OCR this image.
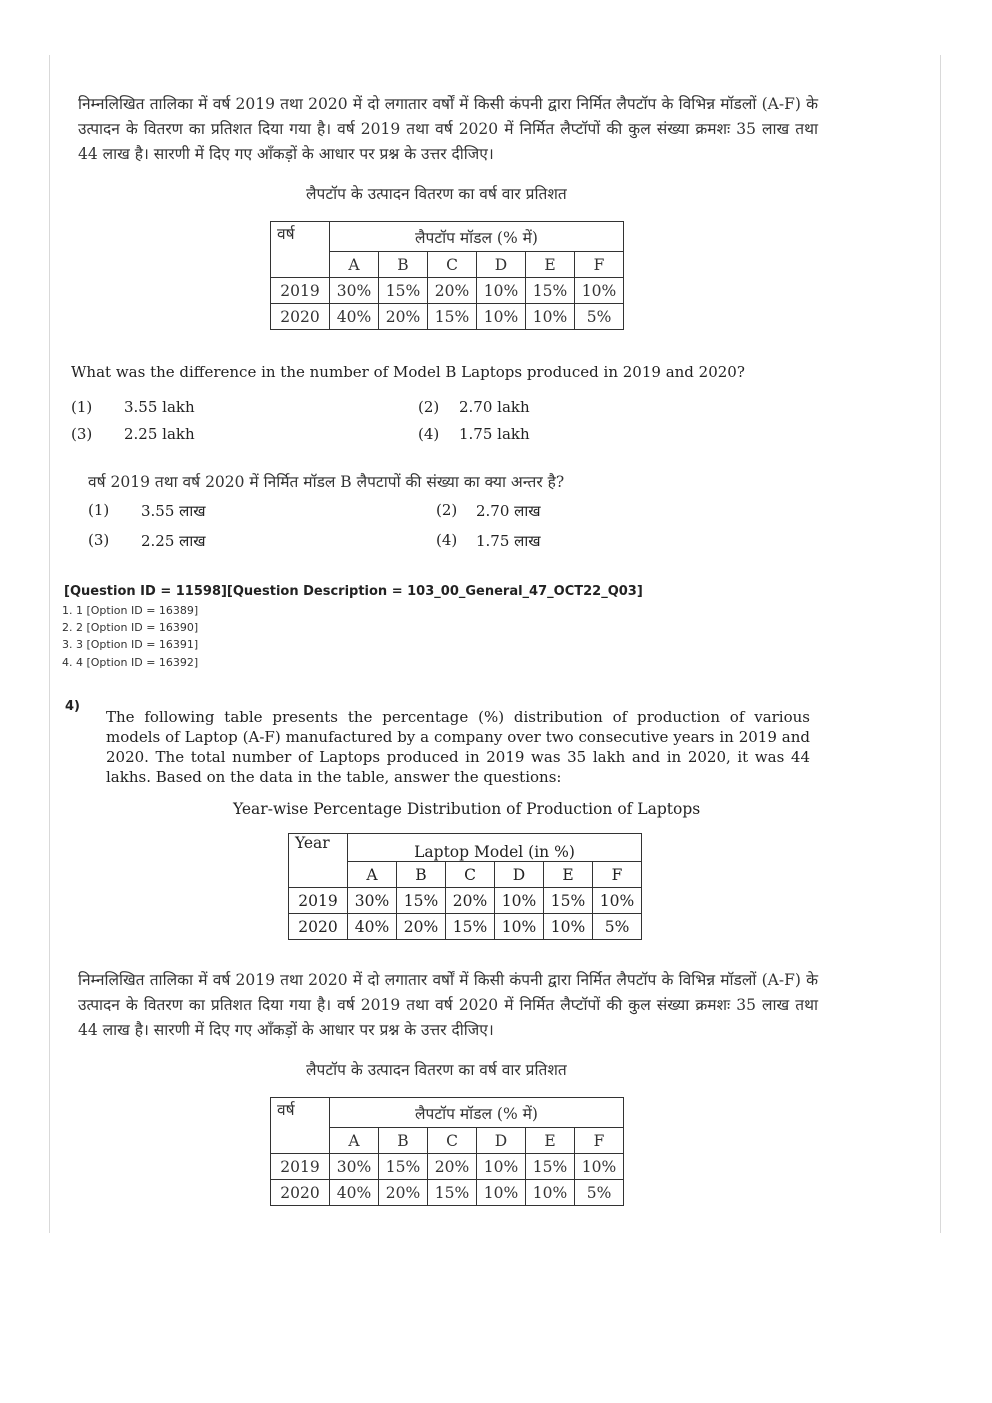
निम्नलिखित तालिका में वर्ष 2019 तथा 2020 में दो लगातार वर्षों में किसी कंपनी द्वारा निर्मित लैपटॉप के विभिन्न मॉडलों (A-F) के उत्पादन के वितरण का प्रतिशत दिया गया है। वर्ष 2019 तथा वर्ष 2020 में निर्मित लैप्टॉपों की कुल संख्या क्रमशः 35 लाख तथा 44 लाख है। सारणी में दिए गए आँकड़ों के आधार पर प्रश्न के उत्तर दीजिए।
लैपटॉप के उत्पादन वितरण का वर्ष वार प्रतिशत
वर्ष	लैपटॉप मॉडल (% में)					
	A	B	C	D	E	F
2019	30%	15%	20%	10%	15%	10%
2020	40%	20%	15%	10%	10%	5%
What was the difference in the number of Model B Laptops produced in 2019 and 2020?
(1) 3.55 lakh	(2) 2.70 lakh
(3) 2.25 lakh	(4) 1.75 lakh
वर्ष 2019 तथा वर्ष 2020 में निर्मित मॉडल B लैपटापों की संख्या का क्या अन्तर है?
(1) 3.55 लाख	(2) 2.70 लाख
(3) 2.25 लाख	(4) 1.75 लाख
[Question ID = 11598][Question Description = 103_00_General_47_OCT22_Q03]
1. 1 [Option ID = 16389]
2. 2 [Option ID = 16390]
3. 3 [Option ID = 16391]
4. 4 [Option ID = 16392]
4)
The following table presents the percentage (%) distribution of production of various models of Laptop (A-F) manufactured by a company over two consecutive years in 2019 and 2020. The total number of Laptops produced in 2019 was 35 lakh and in 2020, it was 44 lakhs. Based on the data in the table, answer the questions:
Year-wise Percentage Distribution of Production of Laptops
Year	Laptop Model (in %)					
	A	B	C	D	E	F
2019	30%	15%	20%	10%	15%	10%
2020	40%	20%	15%	10%	10%	5%
निम्नलिखित तालिका में वर्ष 2019 तथा 2020 में दो लगातार वर्षों में किसी कंपनी द्वारा निर्मित लैपटॉप के विभिन्न मॉडलों (A-F) के उत्पादन के वितरण का प्रतिशत दिया गया है। वर्ष 2019 तथा वर्ष 2020 में निर्मित लैप्टॉपों की कुल संख्या क्रमशः 35 लाख तथा 44 लाख है। सारणी में दिए गए आँकड़ों के आधार पर प्रश्न के उत्तर दीजिए।
लैपटॉप के उत्पादन वितरण का वर्ष वार प्रतिशत
वर्ष	लैपटॉप मॉडल (% में)					
	A	B	C	D	E	F
2019	30%	15%	20%	10%	15%	10%
2020	40%	20%	15%	10%	10%	5%
